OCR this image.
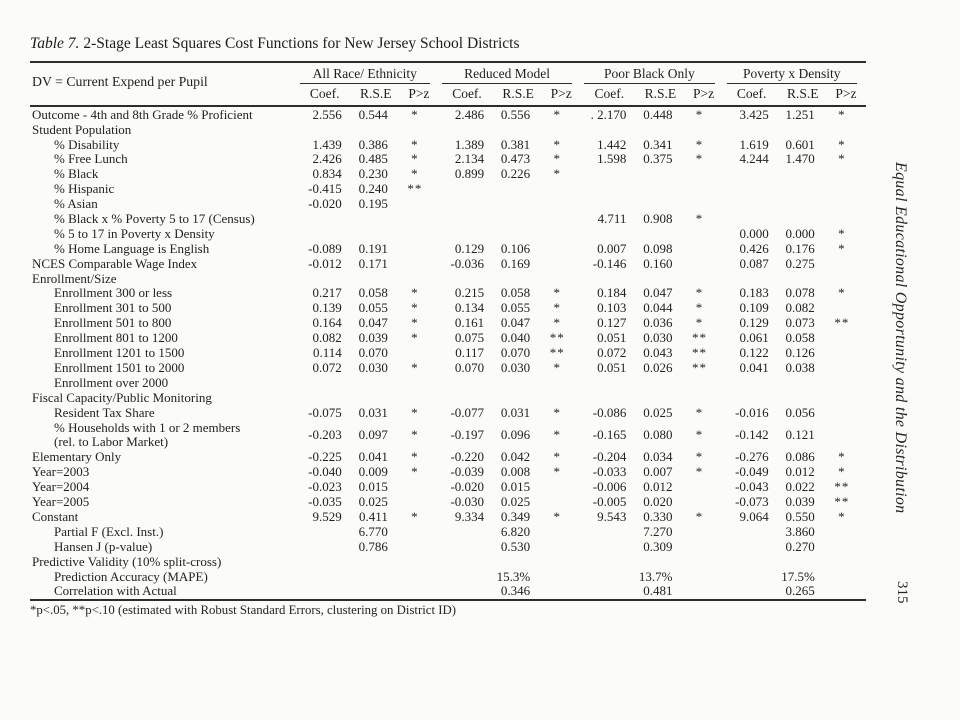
Table 7. 2-Stage Least Squares Cost Functions for New Jersey School Districts
DV = Current Expend per Pupil	All Race/ Ethnicity			Reduced Model			Poor Black Only			Poverty x Density		

	Coef.	R.S.E	P>z	Coef.	R.S.E	P>z	Coef.	R.S.E	P>z	Coef.	R.S.E	P>z

Outcome - 4th and 8th Grade % Proficient	2.556	0.544	*	2.486	0.556	*	. 2.170	0.448	*	3.425	1.251	*

Student Population												

% Disability	1.439	0.386	*	1.389	0.381	*	1.442	0.341	*	1.619	0.601	*

% Free Lunch	2.426	0.485	*	2.134	0.473	*	1.598	0.375	*	4.244	1.470	*

% Black	0.834	0.230	*	0.899	0.226	*						

% Hispanic	-0.415	0.240	**									

% Asian	-0.020	0.195										

% Black x % Poverty 5 to 17 (Census)							4.711	0.908	*			

% 5 to 17 in Poverty x Density										0.000	0.000	*

% Home Language is English	-0.089	0.191		0.129	0.106		0.007	0.098		0.426	0.176	*

NCES Comparable Wage Index	-0.012	0.171		-0.036	0.169		-0.146	0.160		0.087	0.275	

Enrollment/Size												

Enrollment 300 or less	0.217	0.058	*	0.215	0.058	*	0.184	0.047	*	0.183	0.078	*

Enrollment 301 to 500	0.139	0.055	*	0.134	0.055	*	0.103	0.044	*	0.109	0.082	

Enrollment 501 to 800	0.164	0.047	*	0.161	0.047	*	0.127	0.036	*	0.129	0.073	**

Enrollment 801 to 1200	0.082	0.039	*	0.075	0.040	**	0.051	0.030	**	0.061	0.058	

Enrollment 1201 to 1500	0.114	0.070		0.117	0.070	**	0.072	0.043	**	0.122	0.126	

Enrollment 1501 to 2000	0.072	0.030	*	0.070	0.030	*	0.051	0.026	**	0.041	0.038	

Enrollment over 2000												

Fiscal Capacity/Public Monitoring												

Resident Tax Share	-0.075	0.031	*	-0.077	0.031	*	-0.086	0.025	*	-0.016	0.056	

% Households with 1 or 2 members
(rel. to Labor Market)	-0.203	0.097	*	-0.197	0.096	*	-0.165	0.080	*	-0.142	0.121	

Elementary Only	-0.225	0.041	*	-0.220	0.042	*	-0.204	0.034	*	-0.276	0.086	*

Year=2003	-0.040	0.009	*	-0.039	0.008	*	-0.033	0.007	*	-0.049	0.012	*

Year=2004	-0.023	0.015		-0.020	0.015		-0.006	0.012		-0.043	0.022	**

Year=2005	-0.035	0.025		-0.030	0.025		-0.005	0.020		-0.073	0.039	**

Constant	9.529	0.411	*	9.334	0.349	*	9.543	0.330	*	9.064	0.550	*

Partial F (Excl. Inst.)		6.770			6.820			7.270			3.860	

Hansen J (p-value)		0.786			0.530			0.309			0.270	

Predictive Validity (10% split-cross)												

Prediction Accuracy (MAPE)					15.3%			13.7%			17.5%	

Correlation with Actual					0.346			0.481			0.265	
*p<.05, **p<.10 (estimated with Robust Standard Errors, clustering on District ID)
Equal Educational Opportunity and the Distribution
315
